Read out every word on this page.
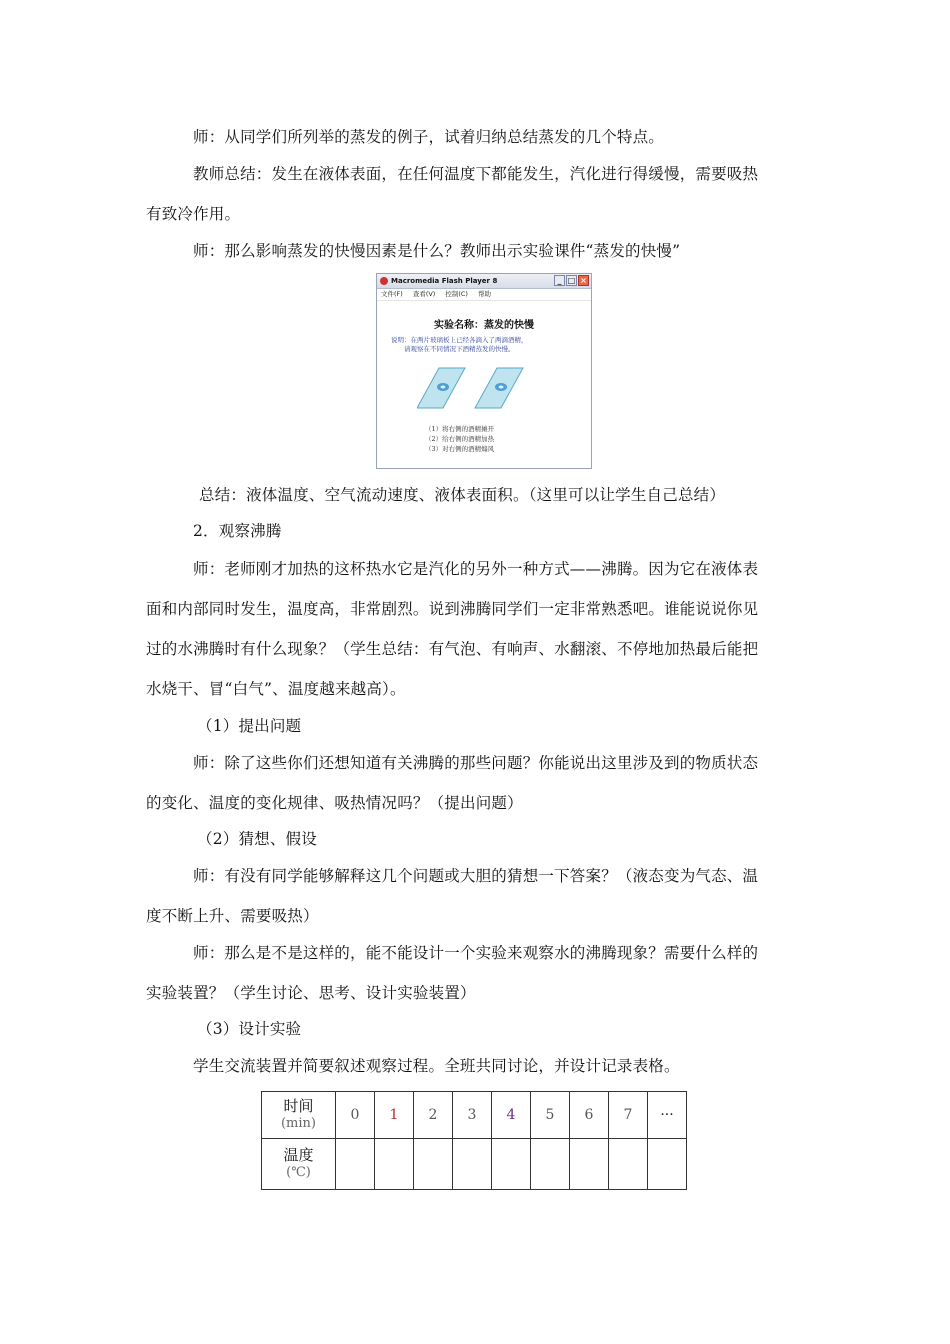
师：从同学们所列举的蒸发的例子，试着归纳总结蒸发的几个特点。
教师总结：发生在液体表面，在任何温度下都能发生，汽化进行得缓慢，需要吸热
有致冷作用。
师：那么影响蒸发的快慢因素是什么？教师出示实验课件“蒸发的快慢”
Macromedia Flash Player 8	_ □ ×
文件(F) 查看(V) 控制(C) 帮助
实验名称：蒸发的快慢
说明：在两片玻璃板上已经各滴入了两滴酒精，
请观察在不同情况下酒精蒸发的快慢。
（1）将右侧的酒精摊开
（2）给右侧的酒精加热
（3）对右侧的酒精煽风
总结：液体温度、空气流动速度、液体表面积。（这里可以让学生自己总结）
2．观察沸腾
师：老师刚才加热的这杯热水它是汽化的另外一种方式——沸腾。因为它在液体表
面和内部同时发生，温度高，非常剧烈。说到沸腾同学们一定非常熟悉吧。谁能说说你见
过的水沸腾时有什么现象？（学生总结：有气泡、有响声、水翻滚、不停地加热最后能把
水烧干、冒“白气”、温度越来越高）。
（1）提出问题
师：除了这些你们还想知道有关沸腾的那些问题？你能说出这里涉及到的物质状态
的变化、温度的变化规律、吸热情况吗？（提出问题）
（2）猜想、假设
师：有没有同学能够解释这几个问题或大胆的猜想一下答案？（液态变为气态、温
度不断上升、需要吸热）
师：那么是不是这样的，能不能设计一个实验来观察水的沸腾现象？需要什么样的
实验装置？（学生讨论、思考、设计实验装置）
（3）设计实验
学生交流装置并简要叙述观察过程。全班共同讨论，并设计记录表格。
时间
(min)	0	1	2	3	4	5	6	7	···
温度
(℃)									
